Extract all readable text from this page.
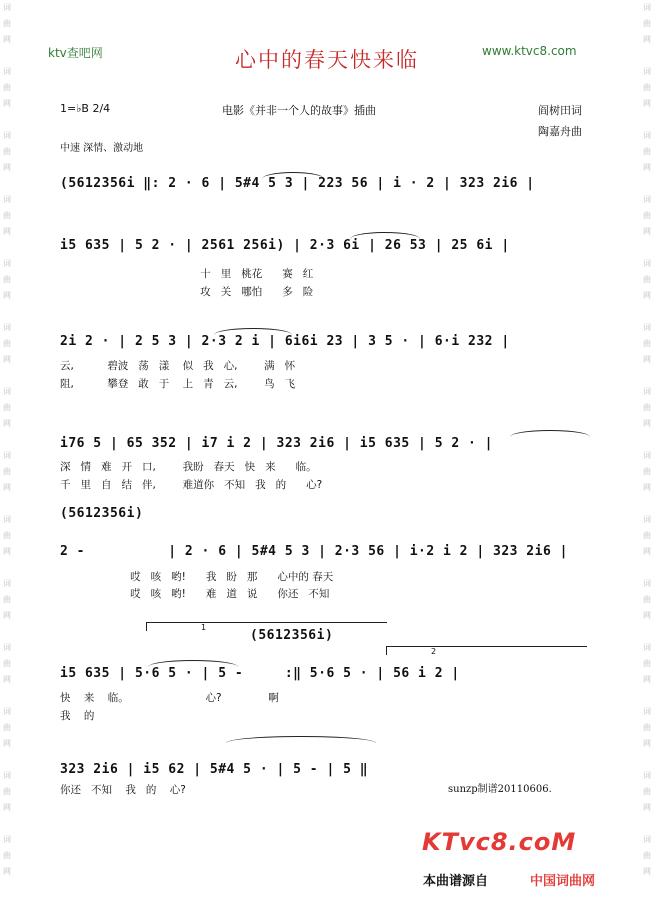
词
曲
网

词
曲
网

词
曲
网

词
曲
网

词
曲
网

词
曲
网

词
曲
网

词
曲
网

词
曲
网

词
曲
网

词
曲
网

词
曲
网

词
曲
网

词
曲
网
词
曲
网

词
曲
网

词
曲
网

词
曲
网

词
曲
网

词
曲
网

词
曲
网

词
曲
网

词
曲
网

词
曲
网

词
曲
网

词
曲
网

词
曲
网

词
曲
网
ktv查吧网	心中的春天快来临	www.ktvc8.com
1=♭B 2/4	电影《并非一个人的故事》插曲	阎树田词
陶嘉舟曲
中速 深情、激动地
(5612356i ‖: 2 · 6 | 5#4 5 3 | 223 56 | i · 2 | 323 2i6 |
i5 635 | 5 2 · | 2561 256i) | 2·3 6i | 26 53 | 25 6i |
十   里   桃花      赛   红
攻   关   哪怕      多   险
2i 2 · | 2 5 3 | 2·3 2 i | 6i6i 23 | 3 5 · | 6·i 232 |
云,          碧波   荡   漾    似   我   心,        满   怀
阻,          攀登   敢   于    上   青   云,        鸟   飞
i76 5 | 65 352 | i7 i 2 | 323 2i6 | i5 635 | 5 2 · |
深   情   难   开   口,        我盼   春天   快   来      临。
千   里   自   结   伴,        难道你   不知   我   的      心?
(5612356i)
2 -          | 2 · 6 | 5#4 5 3 | 2·3 56 | i·2 i 2 | 323 2i6 |
哎   咳   哟!      我   盼   那      心中的 春天
哎   咳   哟!      难   道   说      你还   不知
1
2
(5612356i)
i5 635 | 5·6 5 · | 5 -     :‖ 5·6 5 · | 56 i 2 |
快    来    临。                       心?              啊
我    的
323 2i6 | i5 62 | 5#4 5 · | 5 - | 5 ‖
你还   不知    我   的    心?	sunzp制谱20110606.
KTvc8.coM
本曲谱源自	中国词曲网
